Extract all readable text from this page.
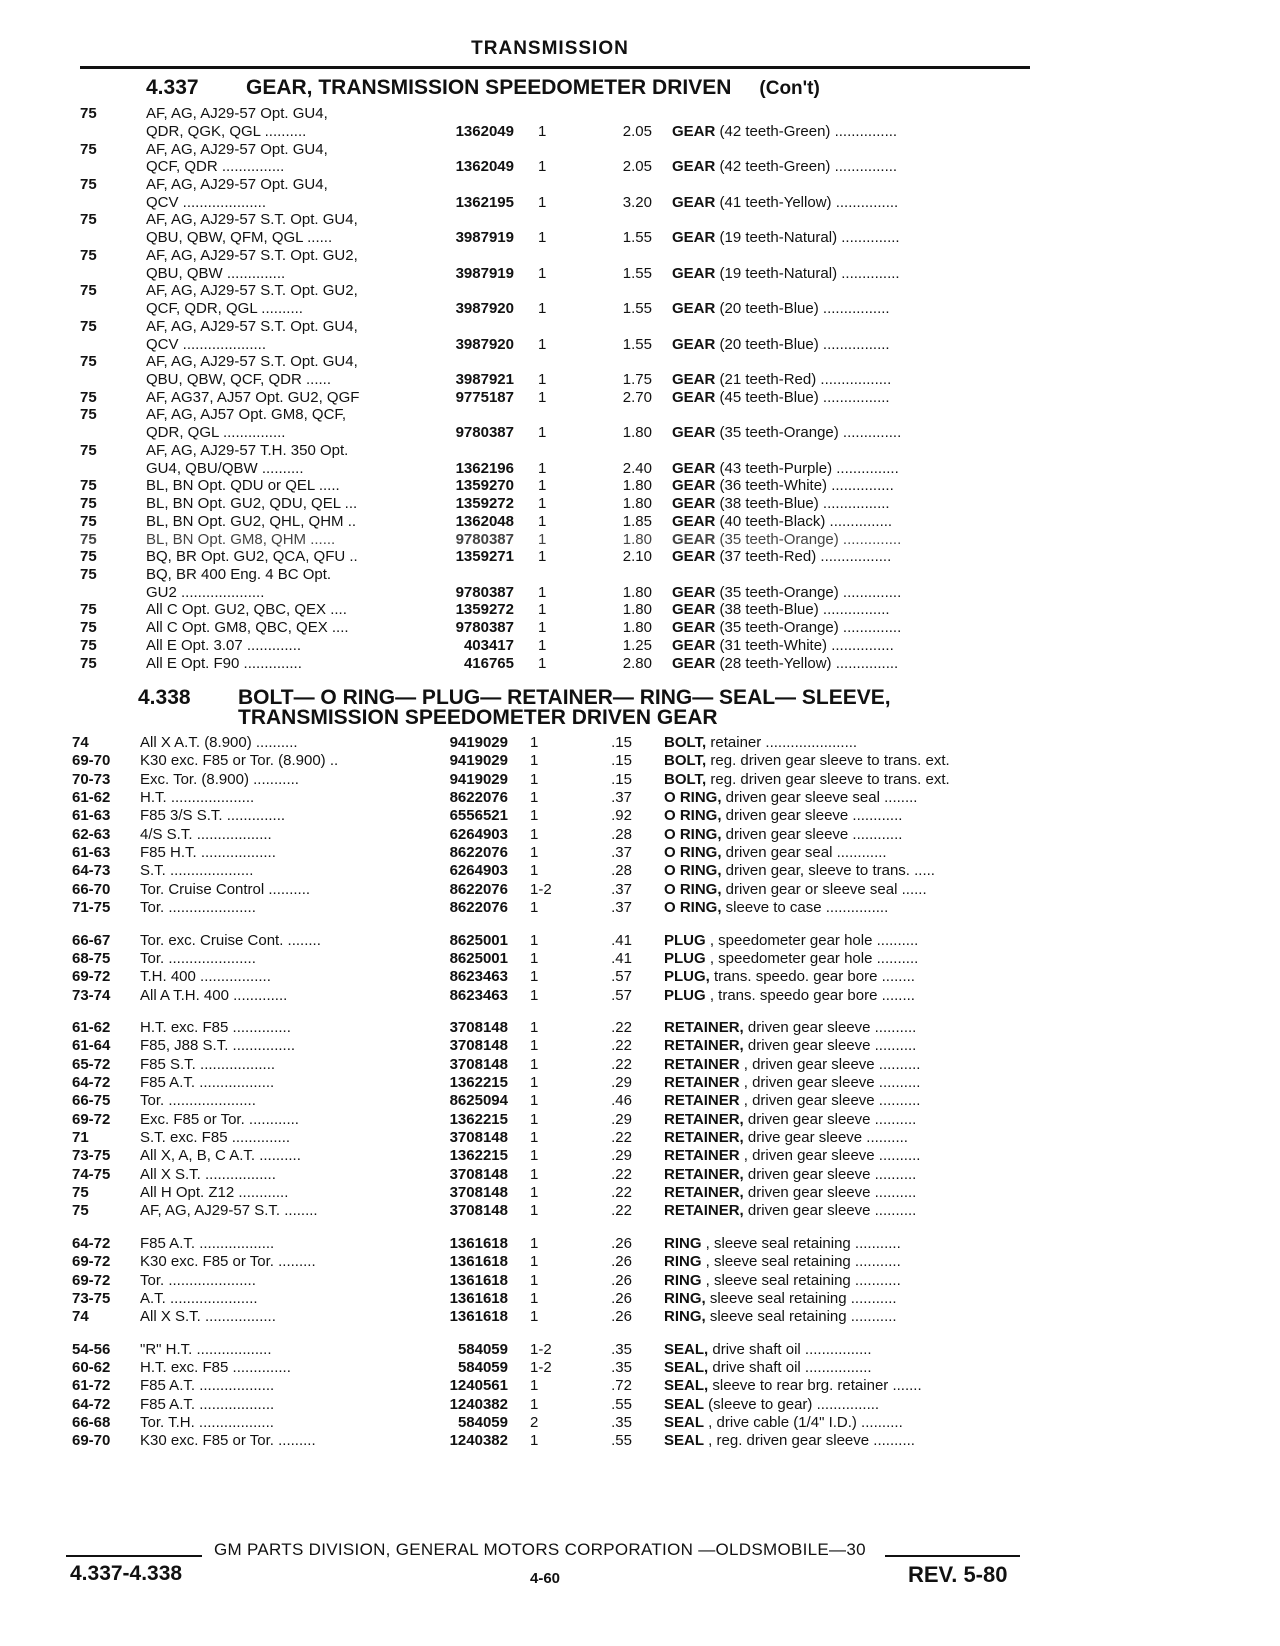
TRANSMISSION
4.337 GEAR, TRANSMISSION SPEEDOMETER DRIVEN (Con't)
75	AF, AG, AJ29-57 Opt. GU4,
QDR, QGK, QGL ..........	1362049 1	2.05 GEAR (42 teeth-Green) ...............
75	AF, AG, AJ29-57 Opt. GU4,
QCF, QDR ...............	1362049 1	2.05 GEAR (42 teeth-Green) ...............
75	AF, AG, AJ29-57 Opt. GU4,
QCV ....................	1362195 1	3.20 GEAR (41 teeth-Yellow) ...............
75	AF, AG, AJ29-57 S.T. Opt. GU4,
QBU, QBW, QFM, QGL ......	3987919 1	1.55 GEAR (19 teeth-Natural) ..............
75	AF, AG, AJ29-57 S.T. Opt. GU2,
QBU, QBW ..............	3987919 1	1.55 GEAR (19 teeth-Natural) ..............
75	AF, AG, AJ29-57 S.T. Opt. GU2,
QCF, QDR, QGL ..........	3987920 1	1.55 GEAR (20 teeth-Blue) ................
75	AF, AG, AJ29-57 S.T. Opt. GU4,
QCV ....................	3987920 1	1.55 GEAR (20 teeth-Blue) ................
75	AF, AG, AJ29-57 S.T. Opt. GU4,
QBU, QBW, QCF, QDR ......	3987921 1	1.75 GEAR (21 teeth-Red) .................
75	AF, AG37, AJ57 Opt. GU2, QGF	9775187 1	2.70 GEAR (45 teeth-Blue) ................
75	AF, AG, AJ57 Opt. GM8, QCF,
QDR, QGL ...............	9780387 1	1.80 GEAR (35 teeth-Orange) ..............
75	AF, AG, AJ29-57 T.H. 350 Opt.
GU4, QBU/QBW ..........	1362196 1	2.40 GEAR (43 teeth-Purple) ...............
75	BL, BN Opt. QDU or QEL .....	1359270 1	1.80 GEAR (36 teeth-White) ...............
75	BL, BN Opt. GU2, QDU, QEL ...	1359272 1	1.80 GEAR (38 teeth-Blue) ................
75	BL, BN Opt. GU2, QHL, QHM ..	1362048 1	1.85 GEAR (40 teeth-Black) ...............
75	BL, BN Opt. GM8, QHM ......	9780387 1	1.80 GEAR (35 teeth-Orange) ..............
75	BQ, BR Opt. GU2, QCA, QFU ..	1359271 1	2.10 GEAR (37 teeth-Red) .................
75	BQ, BR 400 Eng. 4 BC Opt.
GU2 ....................	9780387 1	1.80 GEAR (35 teeth-Orange) ..............
75	All C Opt. GU2, QBC, QEX ....	1359272 1	1.80 GEAR (38 teeth-Blue) ................
75	All C Opt. GM8, QBC, QEX ....	9780387 1	1.80 GEAR (35 teeth-Orange) ..............
75	All E Opt. 3.07 .............	403417 1	1.25 GEAR (31 teeth-White) ...............
75	All E Opt. F90 ..............	416765 1	2.80 GEAR (28 teeth-Yellow) ...............
4.338 BOLT— O RING— PLUG— RETAINER— RING— SEAL— SLEEVE,
TRANSMISSION SPEEDOMETER DRIVEN GEAR
74	All X A.T. (8.900) ..........	9419029 1	.15 BOLT, retainer ......................
69-70 K30 exc. F85 or Tor. (8.900) ..	9419029 1	.15 BOLT, reg. driven gear sleeve to trans. ext.
70-73 Exc. Tor. (8.900) ...........	9419029 1	.15 BOLT, reg. driven gear sleeve to trans. ext.
61-62 H.T. ....................	8622076 1	.37 O RING, driven gear sleeve seal ........
61-63 F85 3/S S.T. ..............	6556521 1	.92 O RING, driven gear sleeve ............
62-63 4/S S.T. ..................	6264903 1	.28 O RING, driven gear sleeve ............
61-63 F85 H.T. ..................	8622076 1	.37 O RING, driven gear seal ............
64-73 S.T. ....................	6264903 1	.28 O RING, driven gear, sleeve to trans. .....
66-70 Tor. Cruise Control ..........	8622076 1-2	.37 O RING, driven gear or sleeve seal ......
71-75 Tor. .....................	8622076 1	.37 O RING, sleeve to case ...............
66-67 Tor. exc. Cruise Cont. ........	8625001 1	.41 PLUG , speedometer gear hole ..........
68-75 Tor. .....................	8625001 1	.41 PLUG , speedometer gear hole ..........
69-72 T.H. 400 .................	8623463 1	.57 PLUG, trans. speedo. gear bore ........
73-74 All A T.H. 400 .............	8623463 1	.57 PLUG , trans. speedo gear bore ........
61-62 H.T. exc. F85 ..............	3708148 1	.22 RETAINER, driven gear sleeve ..........
61-64 F85, J88 S.T. ...............	3708148 1	.22 RETAINER, driven gear sleeve ..........
65-72 F85 S.T. ..................	3708148 1	.22 RETAINER , driven gear sleeve ..........
64-72 F85 A.T. ..................	1362215 1	.29 RETAINER , driven gear sleeve ..........
66-75 Tor. .....................	8625094 1	.46 RETAINER , driven gear sleeve ..........
69-72 Exc. F85 or Tor. ............	1362215 1	.29 RETAINER, driven gear sleeve ..........
71	S.T. exc. F85 ..............	3708148 1	.22 RETAINER, drive gear sleeve ..........
73-75 All X, A, B, C A.T. ..........	1362215 1	.29 RETAINER , driven gear sleeve ..........
74-75 All X S.T. .................	3708148 1	.22 RETAINER, driven gear sleeve ..........
75	All H Opt. Z12 ............	3708148 1	.22 RETAINER, driven gear sleeve ..........
75	AF, AG, AJ29-57 S.T. ........	3708148 1	.22 RETAINER, driven gear sleeve ..........
64-72 F85 A.T. ..................	1361618 1	.26 RING , sleeve seal retaining ...........
69-72 K30 exc. F85 or Tor. .........	1361618 1	.26 RING , sleeve seal retaining ...........
69-72 Tor. .....................	1361618 1	.26 RING , sleeve seal retaining ...........
73-75 A.T. .....................	1361618 1	.26 RING, sleeve seal retaining ...........
74	All X S.T. .................	1361618 1	.26 RING, sleeve seal retaining ...........
54-56 "R" H.T. ..................	584059 1-2	.35 SEAL, drive shaft oil ................
60-62 H.T. exc. F85 ..............	584059 1-2	.35 SEAL, drive shaft oil ................
61-72 F85 A.T. ..................	1240561 1	.72 SEAL, sleeve to rear brg. retainer .......
64-72 F85 A.T. ..................	1240382 1	.55 SEAL (sleeve to gear) ...............
66-68 Tor. T.H. ..................	584059 2	.35 SEAL , drive cable (1/4" I.D.) ..........
69-70 K30 exc. F85 or Tor. .........	1240382 1	.55 SEAL , reg. driven gear sleeve ..........
GM PARTS DIVISION, GENERAL MOTORS CORPORATION —OLDSMOBILE—30
4.337-4.338	4-60	REV. 5-80
